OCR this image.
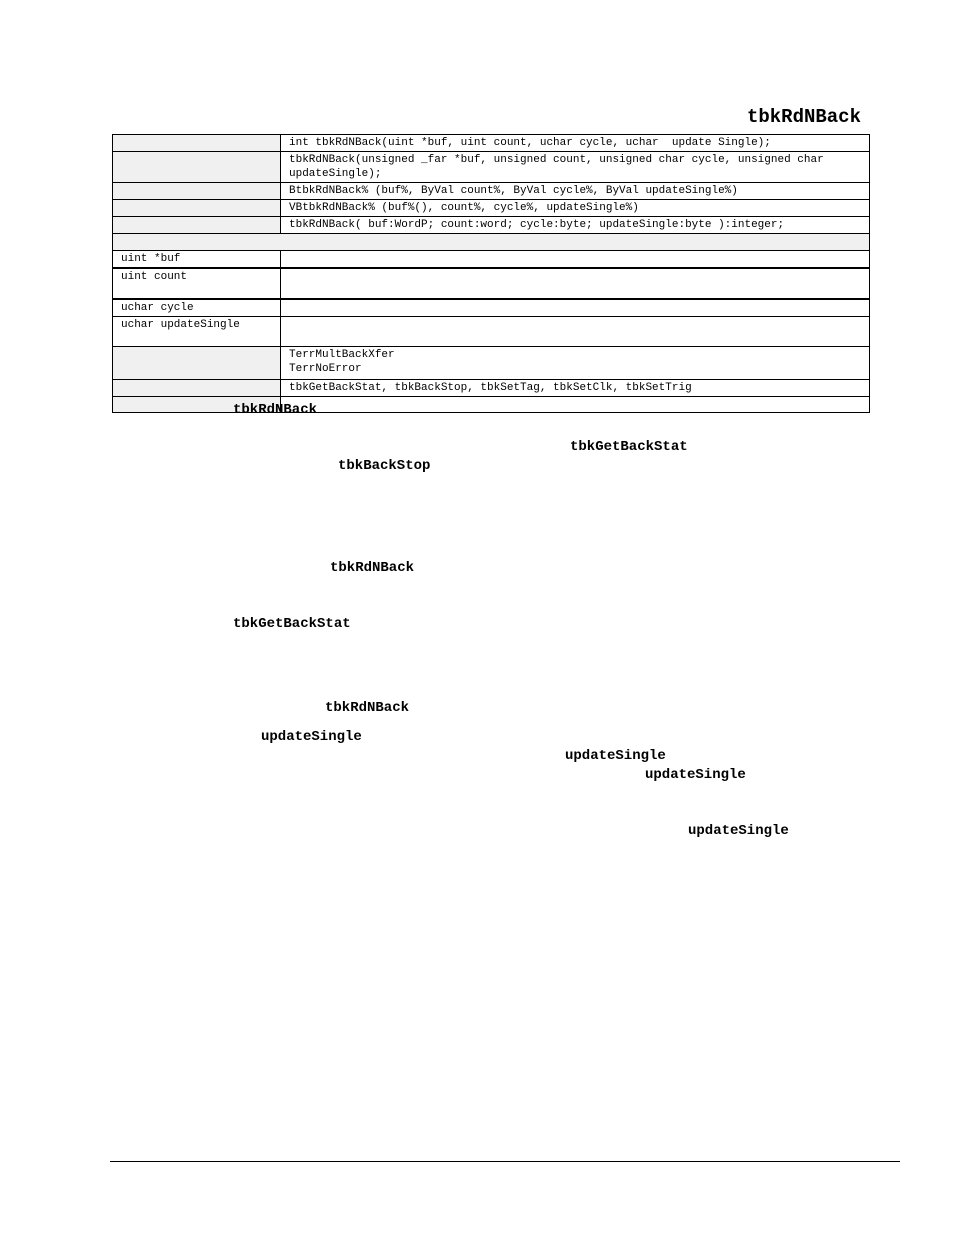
tbkRdNBack
	int tbkRdNBack(uint *buf, uint count, uchar cycle, uchar  update Single);
	tbkRdNBack(unsigned _far *buf, unsigned count, unsigned char cycle, unsigned char updateSingle);
	BtbkRdNBack% (buf%, ByVal count%, ByVal cycle%, ByVal updateSingle%)
	VBtbkRdNBack% (buf%(), count%, cycle%, updateSingle%)
	tbkRdNBack( buf:WordP; count:word; cycle:byte; updateSingle:byte ):integer;

uint *buf	
uint count	
uchar cycle	
uchar updateSingle	
	TerrMultBackXfer
TerrNoError
	tbkGetBackStat, tbkBackStop, tbkSetTag, tbkSetClk, tbkSetTrig

tbkRdNBack
tbkGetBackStat
tbkBackStop
tbkRdNBack
tbkGetBackStat
tbkRdNBack
updateSingle
updateSingle
updateSingle
updateSingle
